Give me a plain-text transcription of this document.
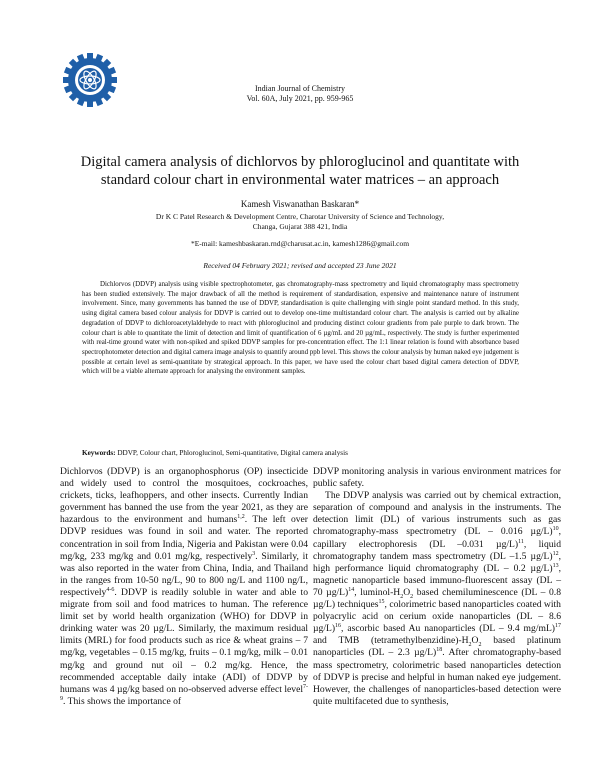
Indian Journal of Chemistry
Vol. 60A, July 2021, pp. 959-965
Digital camera analysis of dichlorvos by phloroglucinol and quantitate with standard colour chart in environmental water matrices – an approach
Kamesh Viswanathan Baskaran*
Dr K C Patel Research & Development Centre, Charotar University of Science and Technology,
Changa, Gujarat 388 421, India
*E-mail: kameshbaskaran.rnd@charusat.ac.in, kamesh1286@gmail.com
Received 04 February 2021; revised and accepted 23 June 2021

Dichlorvos (DDVP) analysis using visible spectrophotometer, gas chromatography-mass spectrometry and liquid chromatography mass spectrometry has been studied extensively. The major drawback of all the method is requirement of standardisation, expensive and maintenance nature of instrument involvement. Since, many governments has banned the use of DDVP, standardisation is quite challenging with single point standard method. In this study, using digital camera based colour analysis for DDVP is carried out to develop one-time multistandard colour chart. The analysis is carried out by alkaline degradation of DDVP to dichloroacetylaldehyde to react with phloroglucinol and producing distinct colour gradients from pale purple to dark brown. The colour chart is able to quantitate the limit of detection and limit of quantification of 6 µg/mL and 20 µg/mL, respectively. The study is further experimented with real-time ground water with non-spiked and spiked DDVP samples for pre-concentration effect. The 1:1 linear relation is found with absorbance based spectrophotometer detection and digital camera image analysis to quantify around ppb level. This shows the colour analysis by human naked eye judgement is possible at certain level as semi-quantitate by strategical approach. In this paper, we have used the colour chart based digital camera detection of DDVP, which will be a viable alternate approach for analysing the environment samples.

Keywords: DDVP, Colour chart, Phloroglucinol, Semi-quantitative, Digital camera analysis

Dichlorvos (DDVP) is an organophosphorus (OP) insecticide and widely used to control the mosquitoes, cockroaches, crickets, ticks, leafhoppers, and other insects. Currently Indian government has banned the use from the year 2021, as they are hazardous to the environment and humans$^{1,2}$. The left over DDVP residues was found in soil and water. The reported concentration in soil from India, Nigeria and Pakistan were 0.04 mg/kg, 233 mg/kg and 0.01 mg/kg, respectively$^3$. Similarly, it was also reported in the water from China, India, and Thailand in the ranges from 10-50 ng/L, 90 to 800 ng/L and 1100 ng/L, respectively$^{4-6}$. DDVP is readily soluble in water and able to migrate from soil and food matrices to human. The reference limit set by world health organization (WHO) for DDVP in drinking water was 20 µg/L. Similarly, the maximum residual limits (MRL) for food products such as rice & wheat grains – 7 mg/kg, vegetables – 0.15 mg/kg, fruits – 0.1 mg/kg, milk – 0.01 mg/kg and ground nut oil – 0.2 mg/kg. Hence, the recommended acceptable daily intake (ADI) of DDVP by humans was 4 µg/kg based on no-observed adverse effect level$^{7-9}$. This shows the importance of

DDVP monitoring analysis in various environment matrices for public safety.

The DDVP analysis was carried out by chemical extraction, separation of compound and analysis in the instruments. The detection limit (DL) of various instruments such as gas chromatography-mass spectrometry (DL – 0.016 µg/L)$^{10}$, capillary electrophoresis (DL –0.031 µg/L)$^{11}$, liquid chromatography tandem mass spectrometry (DL –1.5 µg/L)$^{12}$, high performance liquid chromatography (DL – 0.2 µg/L)$^{13}$, magnetic nanoparticle based immuno-fluorescent assay (DL – 70 µg/L)$^{14}$, luminol-$H_2O_2$ based chemiluminescence (DL – 0.8 µg/L) techniques$^{15}$, colorimetric based nanoparticles coated with polyacrylic acid on cerium oxide nanoparticles (DL – 8.6 µg/L)$^{16}$, ascorbic based Au nanoparticles (DL – 9.4 mg/mL)$^{17}$ and TMB $(tetramethylbenzidine)-H_2O_2$ based platinum nanoparticles (DL – 2.3 µg/L)$^{18}$. After chromatography-based mass spectrometry, colorimetric based nanoparticles detection of DDVP is precise and helpful in human naked eye judgement. However, the challenges of nanoparticles-based detection were quite multifaceted due to synthesis,
